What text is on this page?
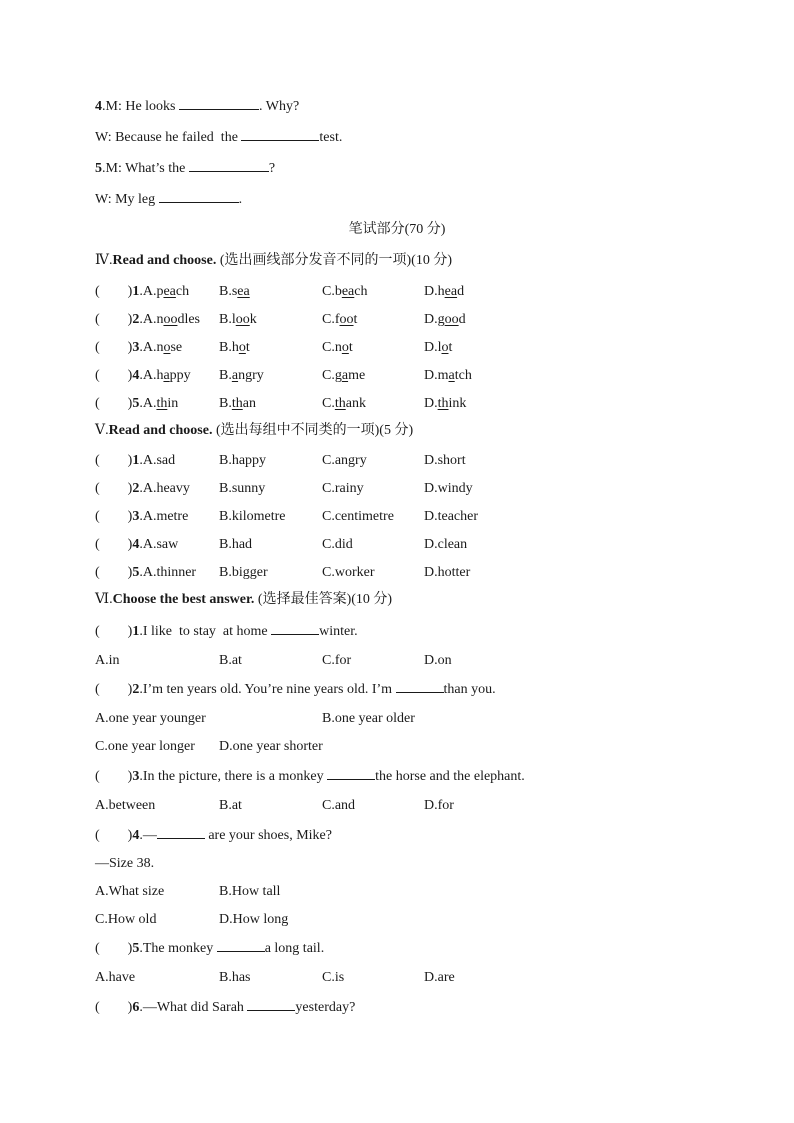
4.M: He looks	. Why?
W: Because he failed  the	test.
5.M: What’s the	?
W: My leg	.
笔试部分(70 分)
Ⅳ.Read and choose. (选出画线部分发音不同的一项)(10 分)
(        )1.A.peach B.sea	C.beach	D.head
(        )2.A.noodles B.look	C.foot	D.good
(        )3.A.nose	B.hot	C.not	D.lot
(        )4.A.happy B.angry	C.game	D.match
(        )5.A.thin	B.than	C.thank	D.think
Ⅴ.Read and choose. (选出每组中不同类的一项)(5 分)
(        )1.A.sad	B.happy	C.angry	D.short
(        )2.A.heavy B.sunny	C.rainy	D.windy
(        )3.A.metre B.kilometre	C.centimetre D.teacher
(        )4.A.saw	B.had	C.did	D.clean
(        )5.A.thinner B.bigger	C.worker	D.hotter
Ⅵ.Choose the best answer. (选择最佳答案)(10 分)
(        )1.I like  to stay  at home	winter.
A.in	B.at	C.for	D.on
(        )2.I’m ten years old. You’re nine years old. I’m	than you.
A.one year younger	B.one year older
C.one year longer D.one year shorter
(        )3.In the picture, there is a monkey	the horse and the elephant.
A.between	B.at	C.and	D.for
(        )4.—	are your shoes, Mike?
—Size 38.
A.What size	B.How tall
C.How old	D.How long
(        )5.The monkey	a long tail.
A.have	B.has	C.is	D.are
(        )6.—What did Sarah	yesterday?
